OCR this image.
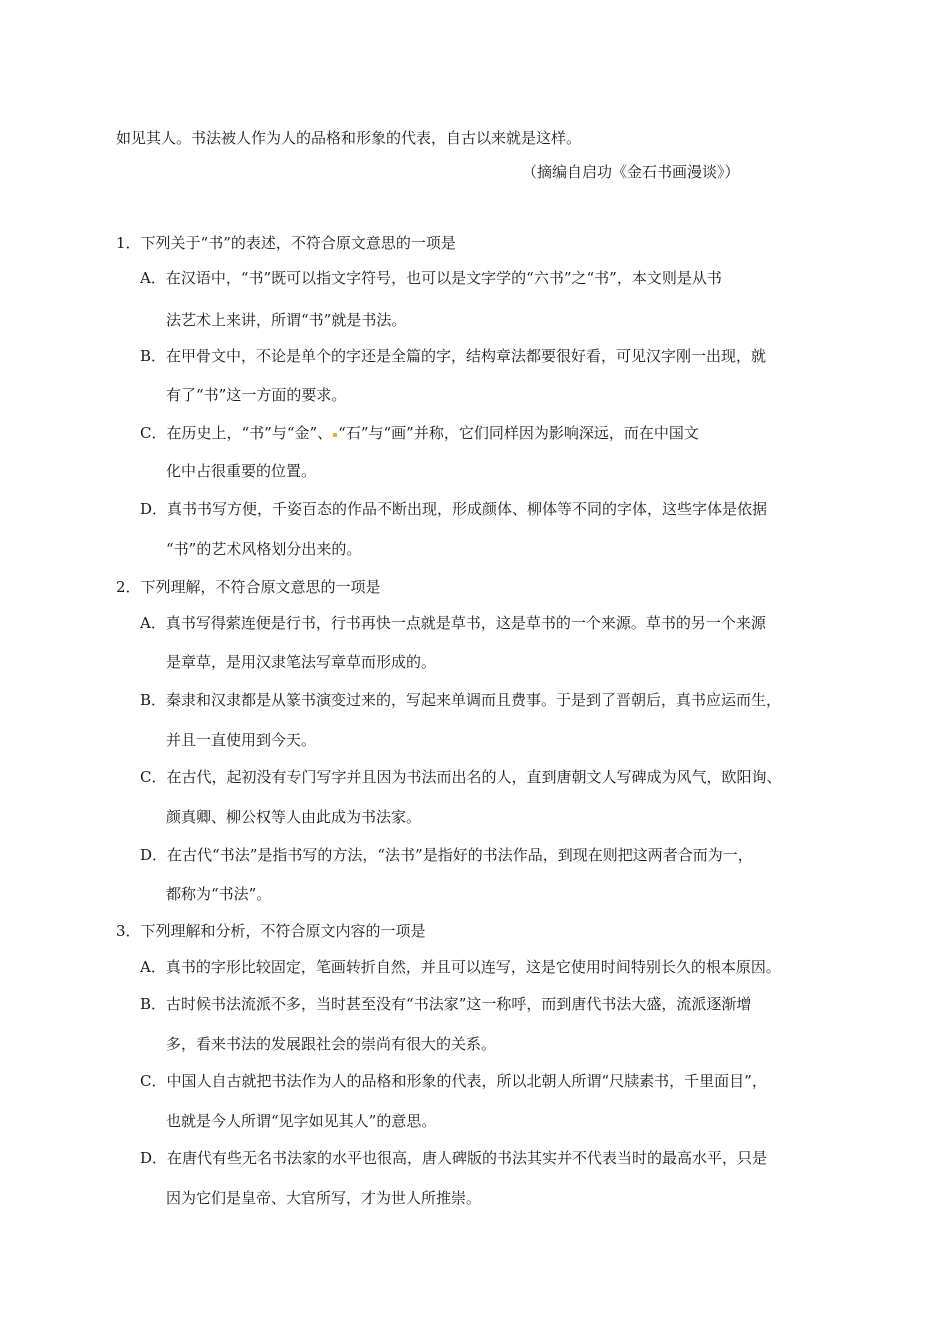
如见其人。书法被人作为人的品格和形象的代表，自古以来就是这样。
（摘编自启功《金石书画漫谈》）
1．下列关于“书”的表述，不符合原文意思的一项是
A．在汉语中，“书”既可以指文字符号，也可以是文字学的“六书”之“书”，本文则是从书
法艺术上来讲，所谓“书”就是书法。
B．在甲骨文中，不论是单个的字还是全篇的字，结构章法都要很好看，可见汉字刚一出现，就
有了“书”这一方面的要求。
C．在历史上，“书”与“金”、 “石”与“画”并称，它们同样因为影响深远，而在中国文
化中占很重要的位置。
D．真书书写方便，千姿百态的作品不断出现，形成颜体、柳体等不同的字体，这些字体是依据
“书”的艺术风格划分出来的。
2．下列理解，不符合原文意思的一项是
A．真书写得萦连便是行书，行书再快一点就是草书，这是草书的一个来源。草书的另一个来源
是章草，是用汉隶笔法写章草而形成的。
B．秦隶和汉隶都是从篆书演变过来的，写起来单调而且费事。于是到了晋朝后，真书应运而生，
并且一直使用到今天。
C．在古代，起初没有专门写字并且因为书法而出名的人，直到唐朝文人写碑成为风气，欧阳询、
颜真卿、柳公权等人由此成为书法家。
D．在古代“书法”是指书写的方法，“法书”是指好的书法作品，到现在则把这两者合而为一，
都称为“书法”。
3．下列理解和分析，不符合原文内容的一项是
A．真书的字形比较固定，笔画转折自然，并且可以连写，这是它使用时间特别长久的根本原因。
B．古时候书法流派不多，当时甚至没有“书法家”这一称呼，而到唐代书法大盛，流派逐渐增
多，看来书法的发展跟社会的崇尚有很大的关系。
C．中国人自古就把书法作为人的品格和形象的代表，所以北朝人所谓“尺牍素书，千里面目”，
也就是今人所谓“见字如见其人”的意思。
D．在唐代有些无名书法家的水平也很高，唐人碑版的书法其实并不代表当时的最高水平，只是
因为它们是皇帝、大官所写，才为世人所推崇。
